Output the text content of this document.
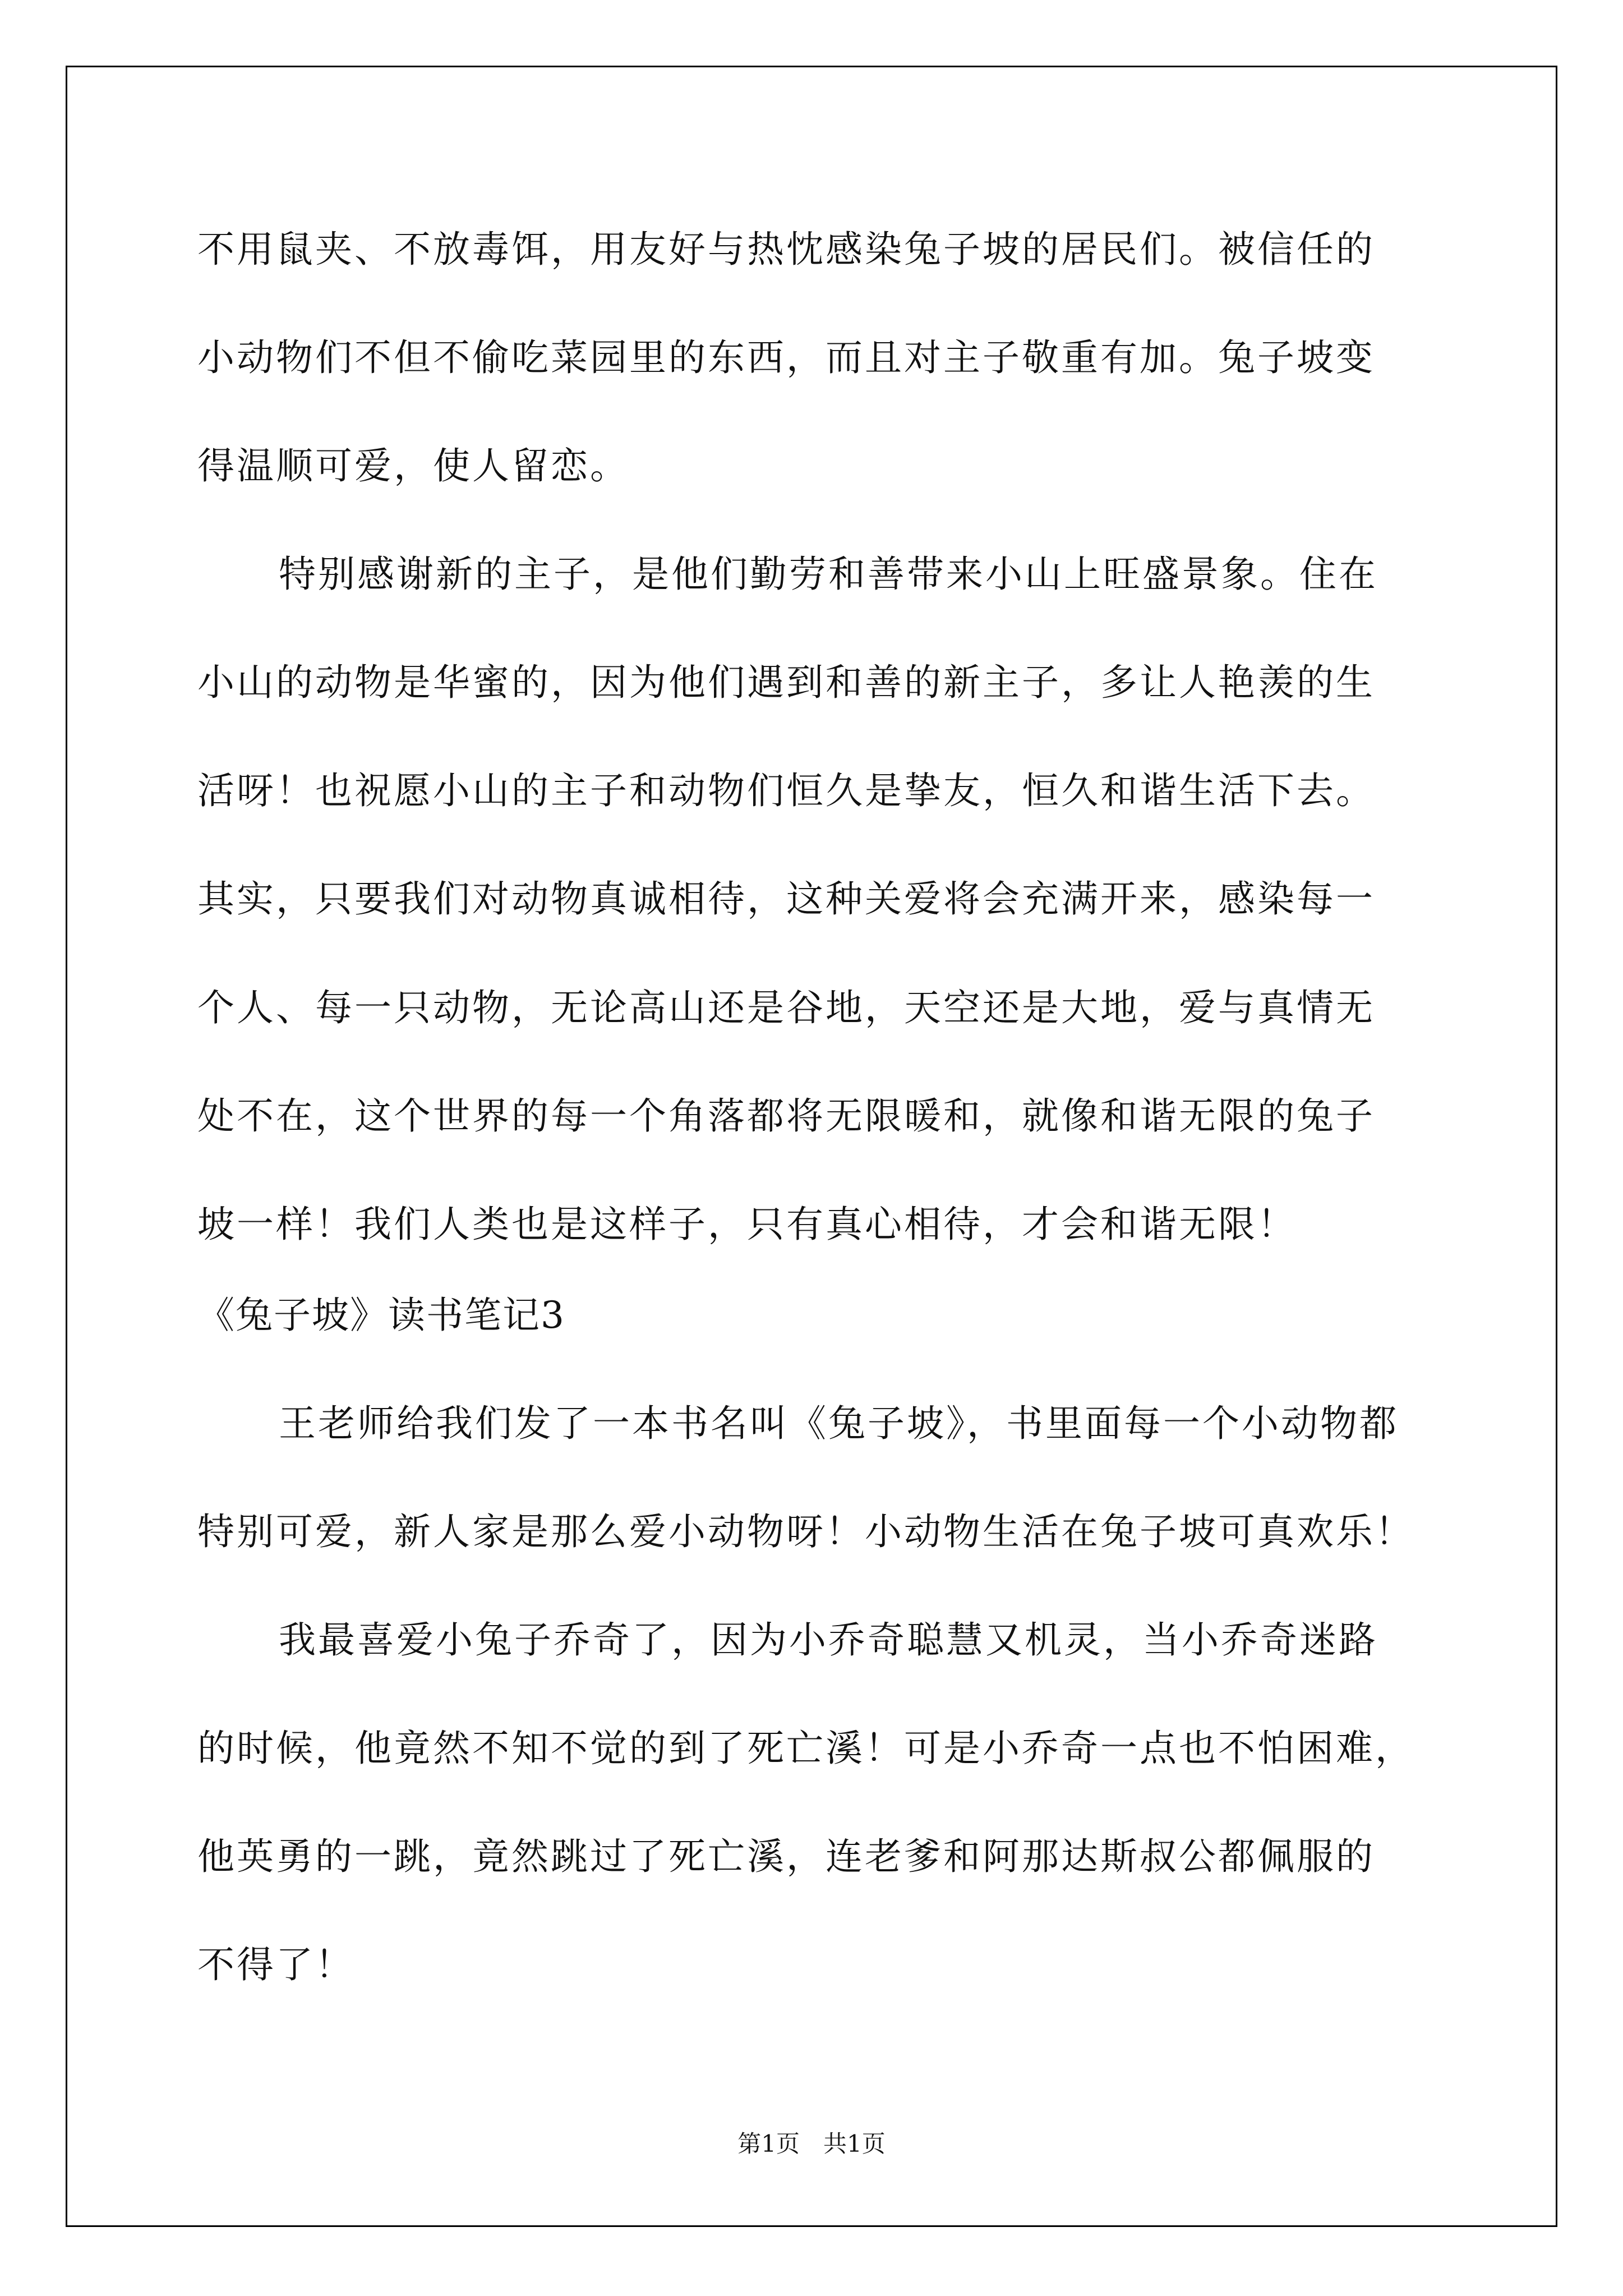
不用鼠夹、不放毒饵，用友好与热忱感染兔子坡的居民们。被信任的
小动物们不但不偷吃菜园里的东西，而且对主子敬重有加。兔子坡变
得温顺可爱，使人留恋。
特别感谢新的主子，是他们勤劳和善带来小山上旺盛景象。住在
小山的动物是华蜜的，因为他们遇到和善的新主子，多让人艳羡的生
活呀！也祝愿小山的主子和动物们恒久是挚友，恒久和谐生活下去。
其实，只要我们对动物真诚相待，这种关爱将会充满开来，感染每一
个人、每一只动物，无论高山还是谷地，天空还是大地，爱与真情无
处不在，这个世界的每一个角落都将无限暖和，就像和谐无限的兔子
坡一样！我们人类也是这样子，只有真心相待，才会和谐无限！
《兔子坡》读书笔记3
王老师给我们发了一本书名叫《兔子坡》，书里面每一个小动物都
特别可爱，新人家是那么爱小动物呀！小动物生活在兔子坡可真欢乐！
我最喜爱小兔子乔奇了，因为小乔奇聪慧又机灵，当小乔奇迷路
的时候，他竟然不知不觉的到了死亡溪！可是小乔奇一点也不怕困难，
他英勇的一跳，竟然跳过了死亡溪，连老爹和阿那达斯叔公都佩服的
不得了！
第1页　共1页
